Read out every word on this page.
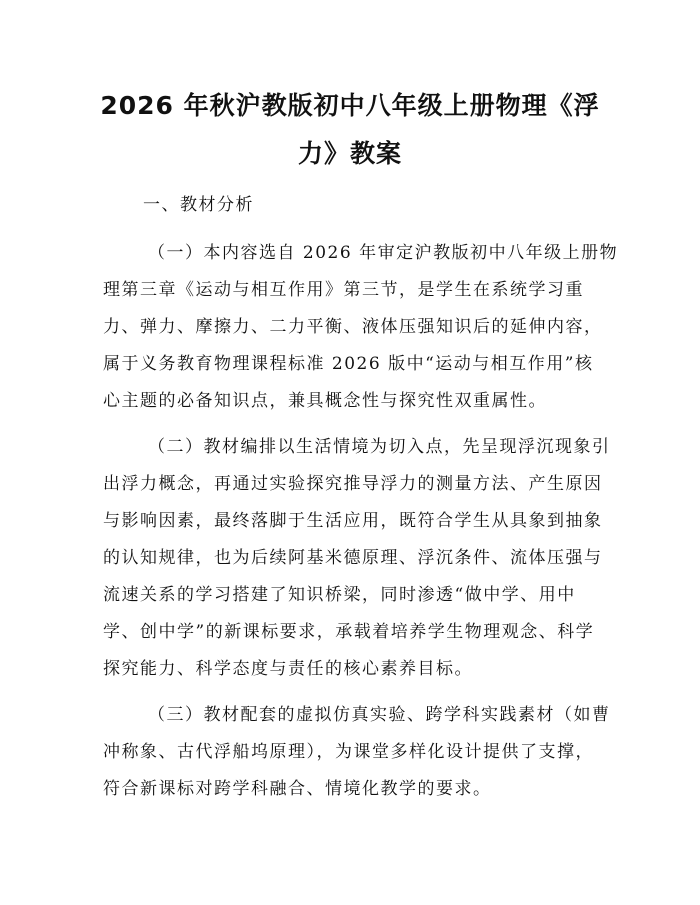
2026 年秋沪教版初中八年级上册物理《浮
力》教案

一、教材分析

（一）本内容选自 2026 年审定沪教版初中八年级上册物

理第三章《运动与相互作用》第三节，是学生在系统学习重

力、弹力、摩擦力、二力平衡、液体压强知识后的延伸内容，

属于义务教育物理课程标准 2026 版中“运动与相互作用”核

心主题的必备知识点，兼具概念性与探究性双重属性。

（二）教材编排以生活情境为切入点，先呈现浮沉现象引

出浮力概念，再通过实验探究推导浮力的测量方法、产生原因

与影响因素，最终落脚于生活应用，既符合学生从具象到抽象

的认知规律，也为后续阿基米德原理、浮沉条件、流体压强与

流速关系的学习搭建了知识桥梁，同时渗透“做中学、用中

学、创中学”的新课标要求，承载着培养学生物理观念、科学

探究能力、科学态度与责任的核心素养目标。

（三）教材配套的虚拟仿真实验、跨学科实践素材（如曹

冲称象、古代浮船坞原理），为课堂多样化设计提供了支撑，

符合新课标对跨学科融合、情境化教学的要求。
